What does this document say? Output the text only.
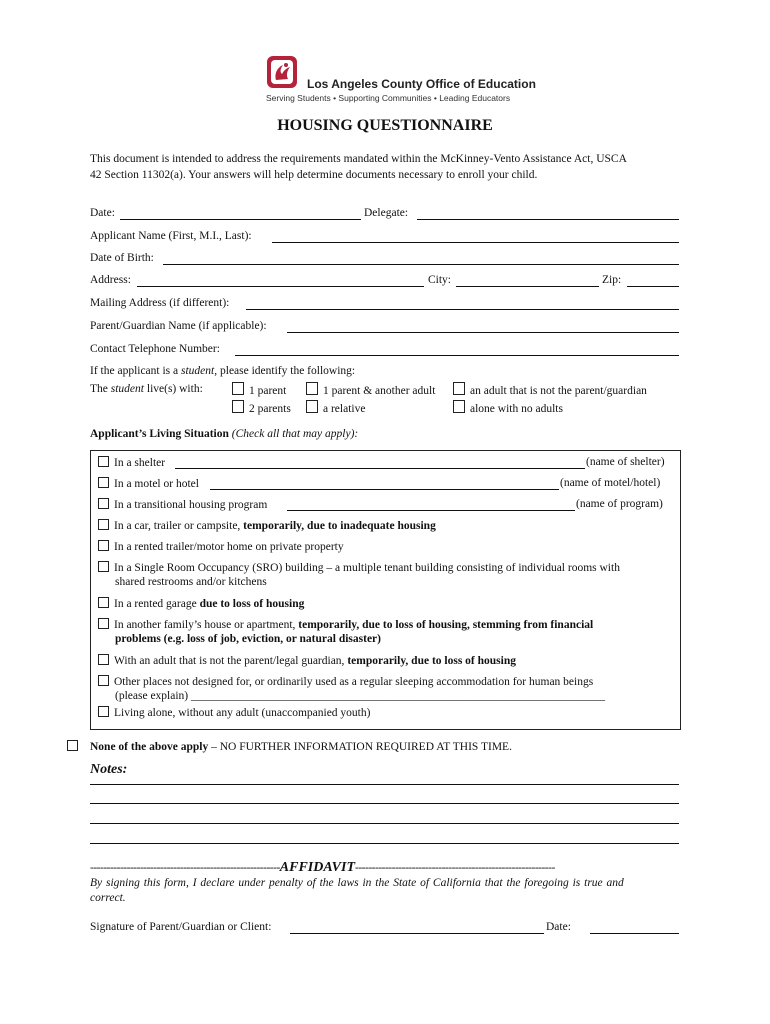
Los Angeles County Office of Education
Serving Students • Supporting Communities • Leading Educators
HOUSING QUESTIONNAIRE
This document is intended to address the requirements mandated within the McKinney-Vento Assistance Act, USCA
42 Section 11302(a). Your answers will help determine documents necessary to enroll your child.
Date:	Delegate:
Applicant Name (First, M.I., Last):
Date of Birth:
Address:	City:	Zip:
Mailing Address (if different):
Parent/Guardian Name (if applicable):
Contact Telephone Number:
If the applicant is a student, please identify the following:
The student live(s) with:	1 parent	1 parent & another adult	an adult that is not the parent/guardian
2 parents	a relative	alone with no adults
Applicant’s Living Situation (Check all that may apply):
In a shelter	(name of shelter)
In a motel or hotel	(name of motel/hotel)
In a transitional housing program	(name of program)
In a car, trailer or campsite, temporarily, due to inadequate housing
In a rented trailer/motor home on private property
In a Single Room Occupancy (SRO) building – a multiple tenant building consisting of individual rooms with
shared restrooms and/or kitchens
In a rented garage due to loss of housing
In another family’s house or apartment, temporarily, due to loss of housing, stemming from financial
problems (e.g. loss of job, eviction, or natural disaster)
With an adult that is not the parent/legal guardian, temporarily, due to loss of housing
Other places not designed for, or ordinarily used as a regular sleeping accommodation for human beings
(please explain) ________________________________________________________________________
Living alone, without any adult (unaccompanied youth)
None of the above apply – NO FURTHER INFORMATION REQUIRED AT THIS TIME.
Notes:
---------------------------------------------------------AFFIDAVIT------------------------------------------------------------
By signing this form, I declare under penalty of the laws in the State of California that the foregoing is true and
correct.
Signature of Parent/Guardian or Client:	Date:
